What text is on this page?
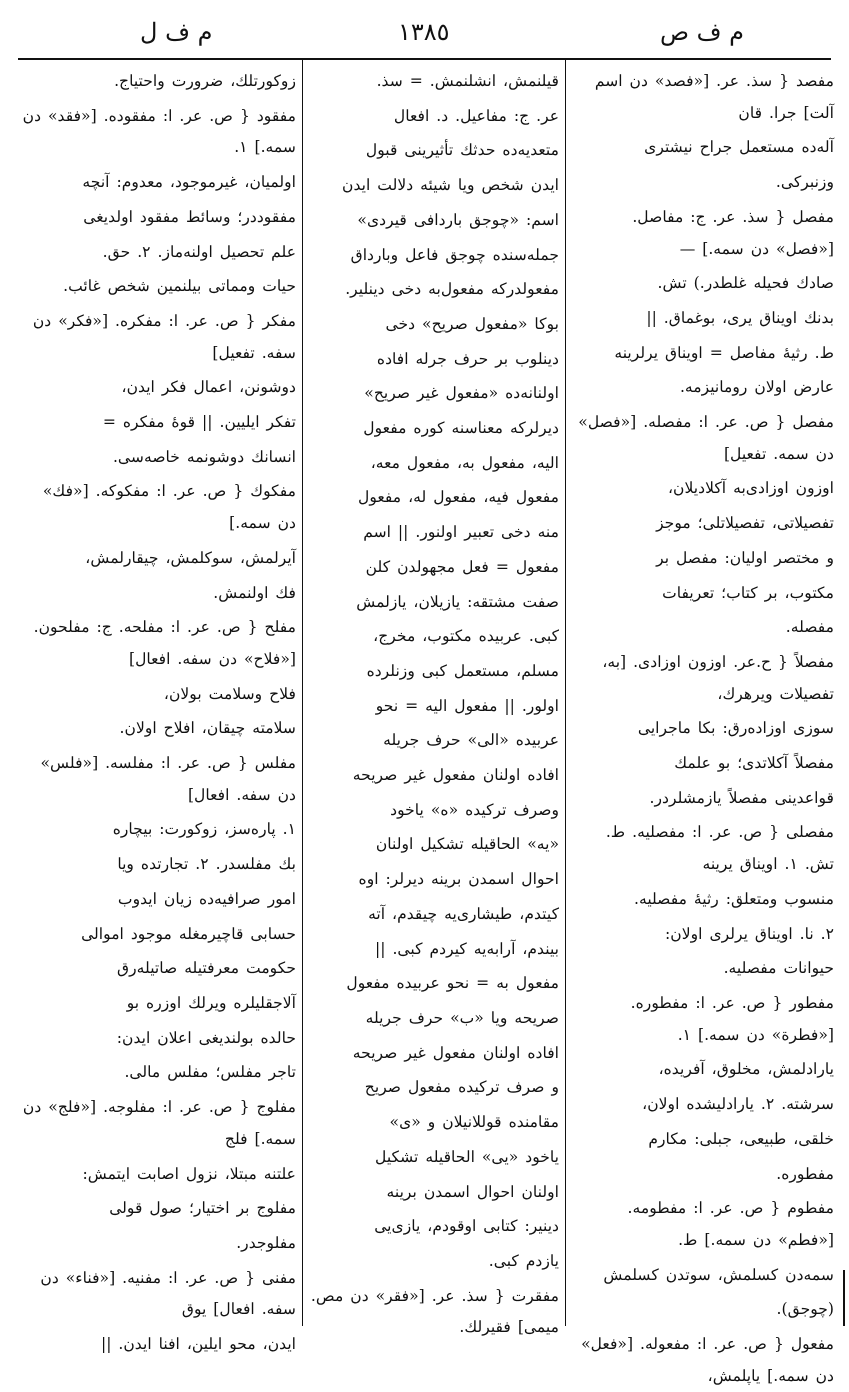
م ف ل	١٣٨٥	م ف ص

مفصد { سذ. عر. [«فصد» دن اسم آلت] جرا. قان

آله‌ده مستعمل جراح نیشتری

وزنبرکی.

مفصل { سذ. عر. ج: مفاصل. [«فصل» دن سمه.] —

صادك فحیله غلطدر.) تش.

بدنك اویناق یری، بوغماق. ||

ط. رثیهٔ مفاصل = اویناق یرلرینه

عارض اولان رومانیزمه.

مفصل { ص. عر. ا: مفصله. [«فصل» دن سمه. تفعیل]

اوزون اوزادی‌به آکلادیلان،

تفصیلاتی، تفصیلاتلی؛ موجز

و مختصر اولیان: مفصل بر

مکتوب، بر کتاب؛ تعریفات

مفصله.

مفصلاً { ح.عر. اوزون اوزادی. [به، تفصیلات ویرهرك،

سوزی اوزاده‌رق: بکا ماجرایی

مفصلاً آکلاتدی؛ بو علمك

قواعدینی مفصلاً یازمشلردر.

مفصلی { ص. عر. ا: مفصلیه. ط. تش. ۱. اویناق یرینه

منسوب ومتعلق: رثیهٔ مفصلیه.

۲. نا. اویناق یرلری اولان:

حیوانات مفصلیه.

مفطور { ص. عر. ا: مفطوره. [«فطرة» دن سمه.] ۱.

یارادلمش، مخلوق، آفریده،

سرشته. ۲. یارادلیشده اولان،

خلقی، طبیعی، جبلی: مکارم

مفطوره.

مفطوم { ص. عر. ا: مفطومه. [«فطم» دن سمه.] ط.

سمه‌دن کسلمش، سوتدن کسلمش

(چوجق).

مفعول { ص. عر. ا: مفعوله. [«فعل» دن سمه.] یاپلمش،

قیلنمش، انشلنمش. = سذ.

عر. ج: مفاعیل. د. افعال

متعدیه‌ده حدثك تأثیرینی قبول

ایدن شخص ویا شیئه دلالت ایدن

اسم: «چوجق باردافی قیردی»

جمله‌سنده چوجق فاعل وبارداق

مفعولدرکه مفعول‌به دخی دینلیر.

بوکا «مفعول صریح» دخی

دینلوب بر حرف جرله افاده

اولنانه‌ده «مفعول غیر صریح»

دیرلرکه معناسنه کوره مفعول

الیه، مفعول به، مفعول معه،

مفعول فیه، مفعول له، مفعول

منه دخی تعبیر اولنور. || اسم

مفعول = فعل مجهولدن کلن

صفت مشتقه: یازیلان، یازلمش

کبی. عربیده مکتوب، مخرج،

مسلم، مستعمل کبی وزنلرده

اولور. || مفعول الیه = نحو

عربیده «الی» حرف جریله

افاده اولنان مفعول غیر صریحه

وصرف ترکیده «ه» یاخود

«یه» الحاقیله تشکیل اولنان

احوال اسمدن برینه دیرلر: اوه

کیتدم، طیشاری‌یه چیقدم، آته

بیندم، آرابه‌یه کیردم کبی. ||

مفعول به = نحو عربیده مفعول

صریحه ویا «ب» حرف جریله

افاده اولنان مفعول غیر صریحه

و صرف ترکیده مفعول صریح

مقامنده قوللانیلان و «ی»

یاخود «یی» الحاقیله تشکیل

اولنان احوال اسمدن برینه

دینیر: کتابی اوقودم، یازی‌یی

یازدم کبی.

مفقرت { سذ. عر. [«فقر» دن مص. میمی] فقیرلك.

زوکورتلك، ضرورت واحتیاج.

مفقود { ص. عر. ا: مفقوده. [«فقد» دن سمه.] ۱.

اولمیان، غیرموجود، معدوم: آنچه

مفقوددر؛ وسائط مفقود اولدیغی

علم تحصیل اولنه‌ماز. ۲. حق.

حیات ومماتی بیلنمین شخص غائب.

مفکر { ص. عر. ا: مفکره. [«فکر» دن سفه. تفعیل]

دوشونن، اعمال فکر ایدن،

تفکر ایلیین. || قوهٔ مفکره =

انسانك دوشونمه خاصه‌سی.

مفکوك { ص. عر. ا: مفکوکه. [«فك» دن سمه.]

آیرلمش، سوکلمش، چیقارلمش،

فك اولنمش.

مفلح { ص. عر. ا: مفلحه. ج: مفلحون. [«فلاح» دن سفه. افعال]

فلاح وسلامت بولان،

سلامته چیقان، افلاح اولان.

مفلس { ص. عر. ا: مفلسه. [«فلس» دن سفه. افعال]

۱. پاره‌سز، زوکورت: بیچاره

بك مفلسدر. ۲. تجارتده ویا

امور صرافیه‌ده زیان ایدوب

حسابی قاچیرمغله موجود اموالی

حکومت معرفتیله صاتیله‌رق

آلاجقلیلره ویرلك اوزره بو

حالده بولندیغی اعلان ایدن:

تاجر مفلس؛ مفلس مالی.

مفلوج { ص. عر. ا: مفلوجه. [«فلج» دن سمه.] فلج

علتنه مبتلا، نزول اصابت ایتمش:

مفلوج بر اختیار؛ صول قولی

مفلوجدر.

مفنی { ص. عر. ا: مفنیه. [«فناء» دن سفه. افعال] یوق

ایدن، محو ایلین، افنا ایدن. ||
